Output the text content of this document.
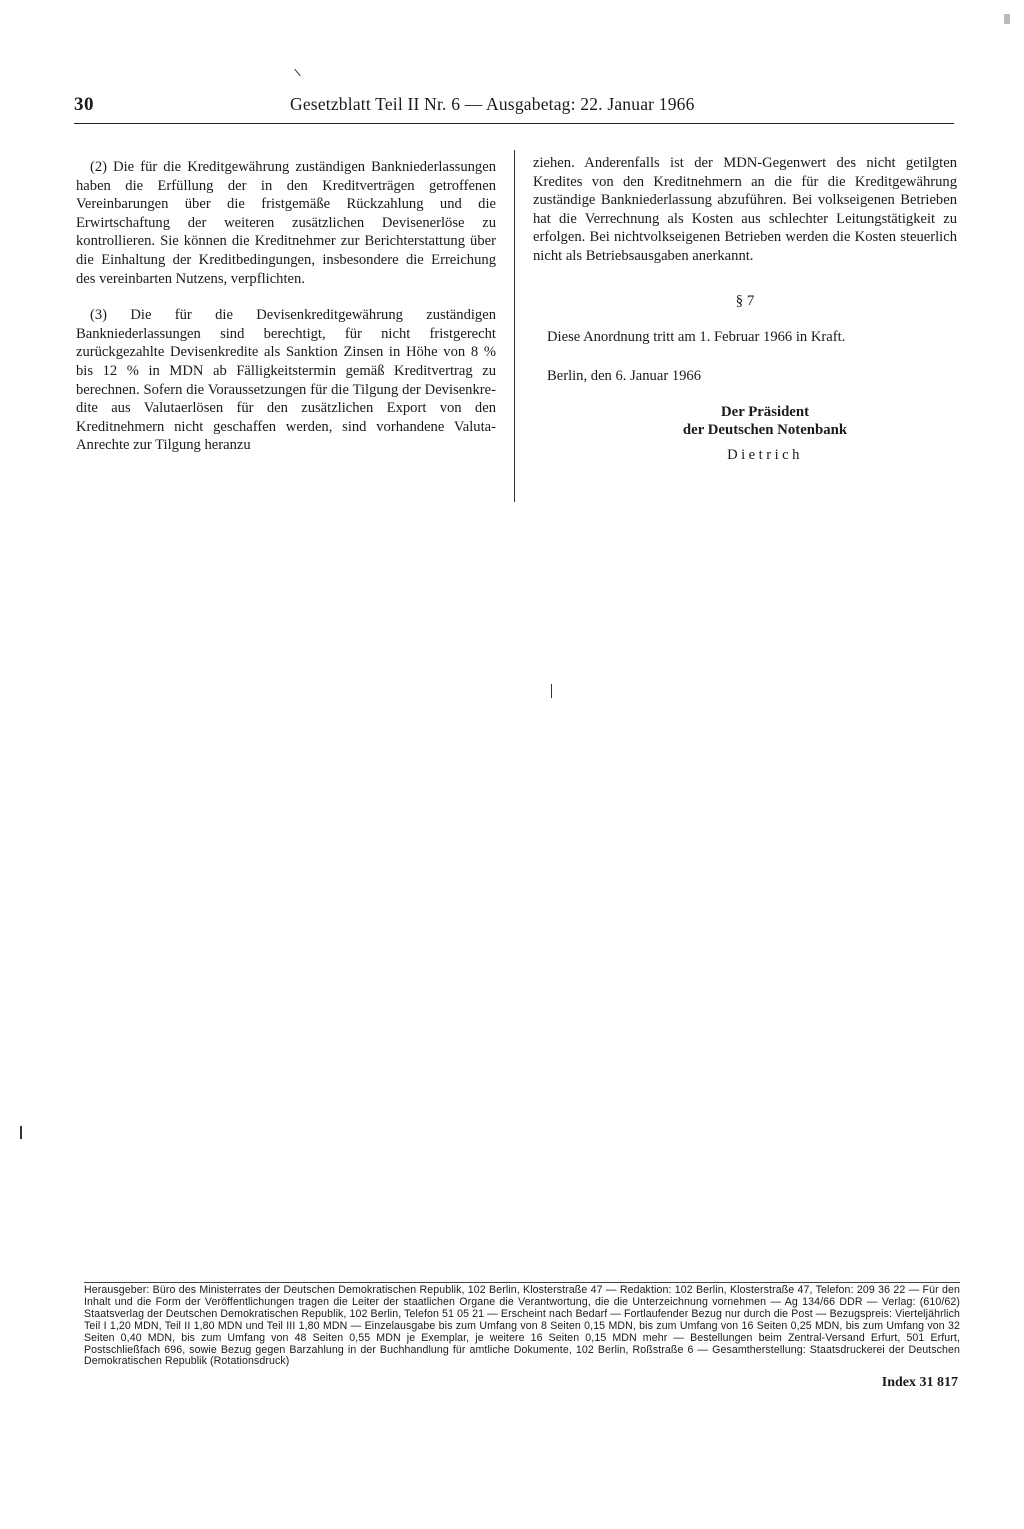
30	Gesetzblatt Teil II Nr. 6 — Ausgabetag: 22. Januar 1966

(2) Die für die Kreditgewährung zuständigen Bankniederlassungen haben die Erfüllung der in den Kreditverträgen getroffenen Vereinbarungen über die fristgemäße Rückzahlung und die Erwirtschaftung der weiteren zusätzlichen Devisenerlöse zu kontrollieren. Sie können die Kreditnehmer zur Berichterstattung über die Einhaltung der Kreditbedingungen, insbesondere die Erreichung des vereinbarten Nutzens, verpflichten.

(3) Die für die Devisenkreditgewährung zuständigen Bankniederlassungen sind berechtigt, für nicht fristgerecht zurückgezahlte Devisenkredite als Sanktion Zinsen in Höhe von 8 % bis 12 % in MDN ab Fälligkeitstermin gemäß Kreditvertrag zu berechnen. Sofern die Voraussetzungen für die Tilgung der Devisenkredite aus Valutaerlösen für den zusätzlichen Export von den Kreditnehmern nicht geschaffen werden, sind vorhandene Valuta-Anrechte zur Tilgung heranzu

ziehen. Anderenfalls ist der MDN-Gegenwert des nicht getilgten Kredites von den Kreditnehmern an die für die Kreditgewährung zuständige Bankniederlassung abzuführen. Bei volkseigenen Betrieben hat die Verrechnung als Kosten aus schlechter Leitungstätigkeit zu erfolgen. Bei nichtvolkseigenen Betrieben werden die Kosten steuerlich nicht als Betriebsausgaben anerkannt.

§ 7

Diese Anordnung tritt am 1. Februar 1966 in Kraft.

Berlin, den 6. Januar 1966

Der Präsident
der Deutschen Notenbank
Dietrich
Herausgeber: Büro des Ministerrates der Deutschen Demokratischen Republik, 102 Berlin, Klosterstraße 47 — Redaktion: 102 Berlin, Klosterstraße 47, Telefon: 209 36 22 — Für den Inhalt und die Form der Veröffentlichungen tragen die Leiter der staatlichen Organe die Verantwortung, die die Unterzeichnung vornehmen — Ag 134/66 DDR — Verlag: (610/62) Staatsverlag der Deutschen Demokratischen Republik, 102 Berlin, Telefon 51 05 21 — Erscheint nach Bedarf — Fortlaufender Bezug nur durch die Post — Bezugspreis: Vierteljährlich Teil I 1,20 MDN, Teil II 1,80 MDN und Teil III 1,80 MDN — Einzelausgabe bis zum Umfang von 8 Seiten 0,15 MDN, bis zum Umfang von 16 Seiten 0,25 MDN, bis zum Umfang von 32 Seiten 0,40 MDN, bis zum Umfang von 48 Seiten 0,55 MDN je Exemplar, je weitere 16 Seiten 0,15 MDN mehr — Bestellungen beim Zentral-Versand Erfurt, 501 Erfurt, Postschließfach 696, sowie Bezug gegen Barzahlung in der Buchhandlung für amtliche Dokumente, 102 Berlin, Roßstraße 6 — Gesamtherstellung: Staatsdruckerei der Deutschen Demokratischen Republik (Rotationsdruck)
Index 31 817
